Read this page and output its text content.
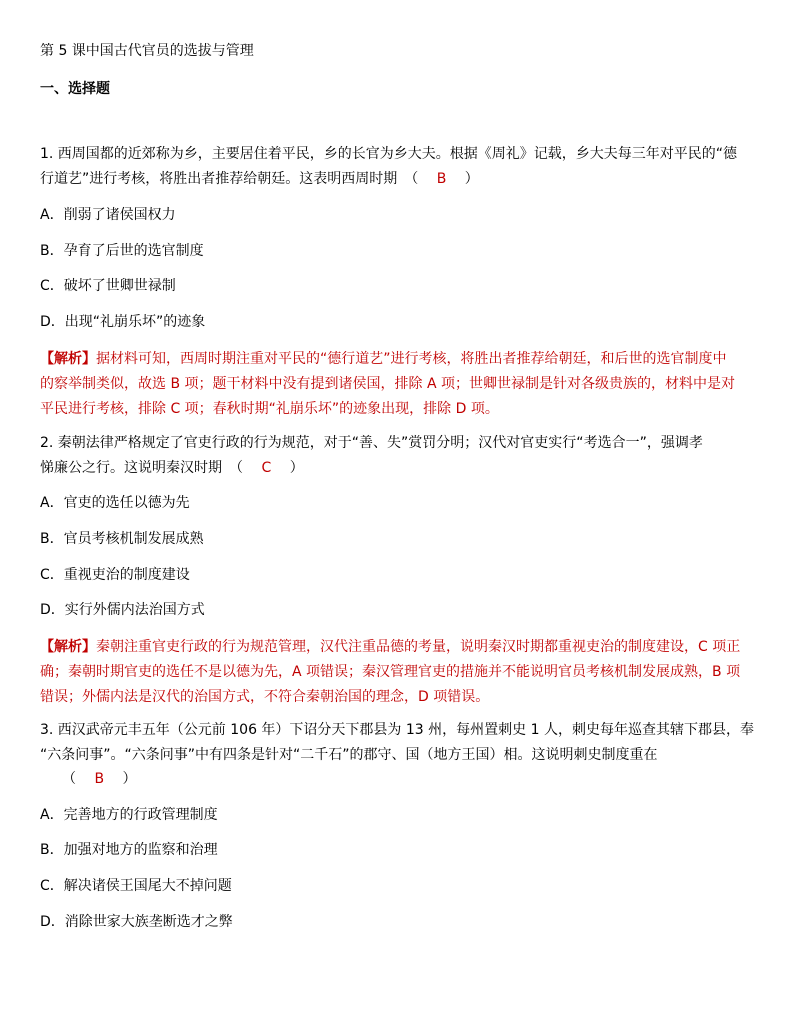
第 5 课中国古代官员的选拔与管理
一、选择题
1. 西周国都的近郊称为乡，主要居住着平民，乡的长官为乡大夫。根据《周礼》记载，乡大夫每三年对平民的“德
行道艺”进行考核，将胜出者推荐给朝廷。这表明西周时期　（ B ）
A．削弱了诸侯国权力
B．孕育了后世的选官制度
C．破坏了世卿世禄制
D．出现“礼崩乐坏”的迹象
【解析】据材料可知，西周时期注重对平民的“德行道艺”进行考核，将胜出者推荐给朝廷，和后世的选官制度中
的察举制类似，故选 B 项；题干材料中没有提到诸侯国，排除 A 项；世卿世禄制是针对各级贵族的，材料中是对
平民进行考核，排除 C 项；春秋时期“礼崩乐坏”的迹象出现，排除 D 项。
2. 秦朝法律严格规定了官吏行政的行为规范，对于“善、失”赏罚分明；汉代对官吏实行“考选合一”，强调孝
悌廉公之行。这说明秦汉时期　（ C ）
A．官吏的选任以德为先
B．官员考核机制发展成熟
C．重视吏治的制度建设
D．实行外儒内法治国方式
【解析】秦朝注重官吏行政的行为规范管理，汉代注重品德的考量，说明秦汉时期都重视吏治的制度建设，C 项正
确；秦朝时期官吏的选任不是以德为先，A 项错误；秦汉管理官吏的措施并不能说明官员考核机制发展成熟，B 项
错误；外儒内法是汉代的治国方式，不符合秦朝治国的理念，D 项错误。
3. 西汉武帝元丰五年（公元前 106 年）下诏分天下郡县为 13 州，每州置刺史 1 人，刺史每年巡查其辖下郡县，奉
“六条问事”。“六条问事”中有四条是针对“二千石”的郡守、国（地方王国）相。这说明刺史制度重在
（ B ）
A．完善地方的行政管理制度
B．加强对地方的监察和治理
C．解决诸侯王国尾大不掉问题
D．消除世家大族垄断选才之弊
